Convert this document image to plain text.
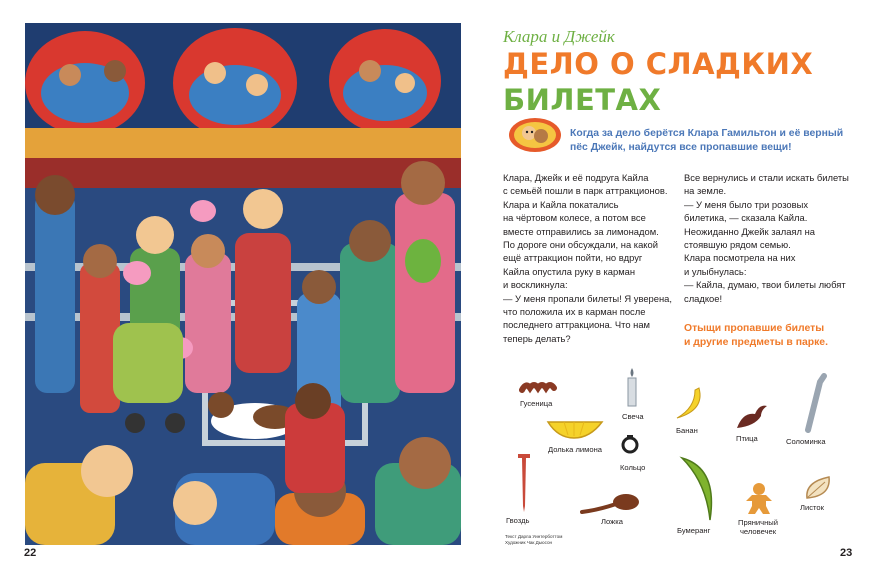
22	23
Клара и Джейк
ДЕЛО О СЛАДКИХ
БИЛЕТАХ
Когда за дело берётся Клара Гамильтон и её верный пёс Джейк, найдутся все пропавшие вещи!

Клара, Джейк и её подруга Кайла
с семьёй пошли в парк аттракционов.
Клара и Кайла покатались
на чёртовом колесе, а потом все
вместе отправились за лимонадом.
По дороге они обсуждали, на какой
ещё аттракцион пойти, но вдруг
Кайла опустила руку в карман
и воскликнула:
— У меня пропали билеты! Я уверена,
что положила их в карман после
последнего аттракциона. Что нам
теперь делать?

Все вернулись и стали искать билеты
на земле.
— У меня было три розовых
билетика, — сказала Кайла.
Неожиданно Джейк залаял на
стоявшую рядом семью.
Клара посмотрела на них
и улыбнулась:
— Кайла, думаю, твои билеты любят
сладкое!

Отыщи пропавшие билеты
и другие предметы в парке.
Гусеница
Свеча
Банан
Птица	Соломинка
Долька лимона
Кольцо
Гвоздь	Ложка
Бумеранг
Пряничный
человечек
Листок
Текст Дарла Уинтерботтом
Художник Чак Дьюсон
